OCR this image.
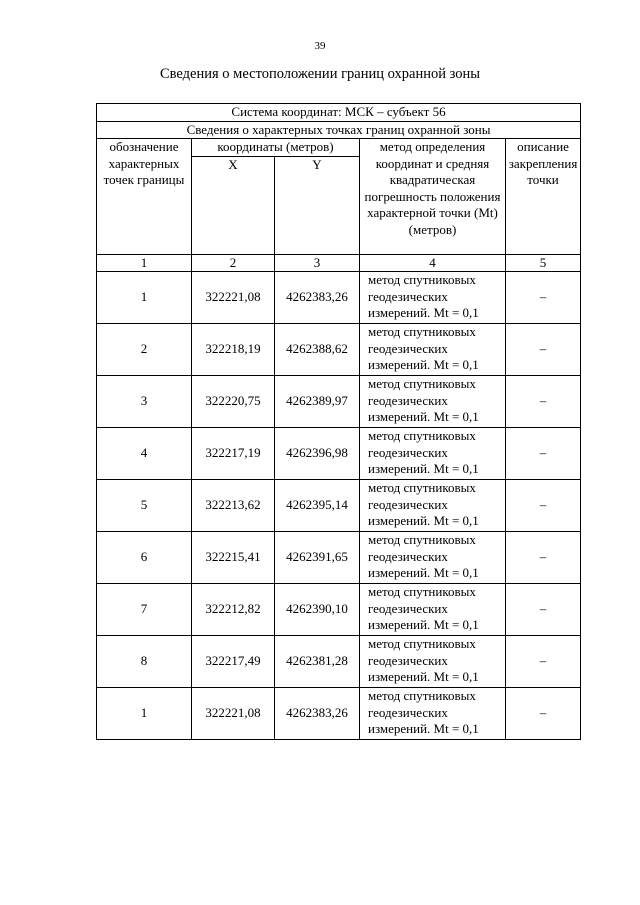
39
Сведения о местоположении границ охранной зоны
Система координат: МСК – субъект 56				
Сведения о характерных точках границ охранной зоны				
обозначение характерных точек границы	координаты (метров)		метод определения координат и средняя квадратическая погрешность положения характерной точки (Mt) (метров)	описание закрепления точки
	X	Y		
1	2	3	4	5
1	322221,08	4262383,26	метод спутниковых геодезических измерений. Mt = 0,1	–
2	322218,19	4262388,62	метод спутниковых геодезических измерений. Mt = 0,1	–
3	322220,75	4262389,97	метод спутниковых геодезических измерений. Mt = 0,1	–
4	322217,19	4262396,98	метод спутниковых геодезических измерений. Mt = 0,1	–
5	322213,62	4262395,14	метод спутниковых геодезических измерений. Mt = 0,1	–
6	322215,41	4262391,65	метод спутниковых геодезических измерений. Mt = 0,1	–
7	322212,82	4262390,10	метод спутниковых геодезических измерений. Mt = 0,1	–
8	322217,49	4262381,28	метод спутниковых геодезических измерений. Mt = 0,1	–
1	322221,08	4262383,26	метод спутниковых геодезических измерений. Mt = 0,1	–
